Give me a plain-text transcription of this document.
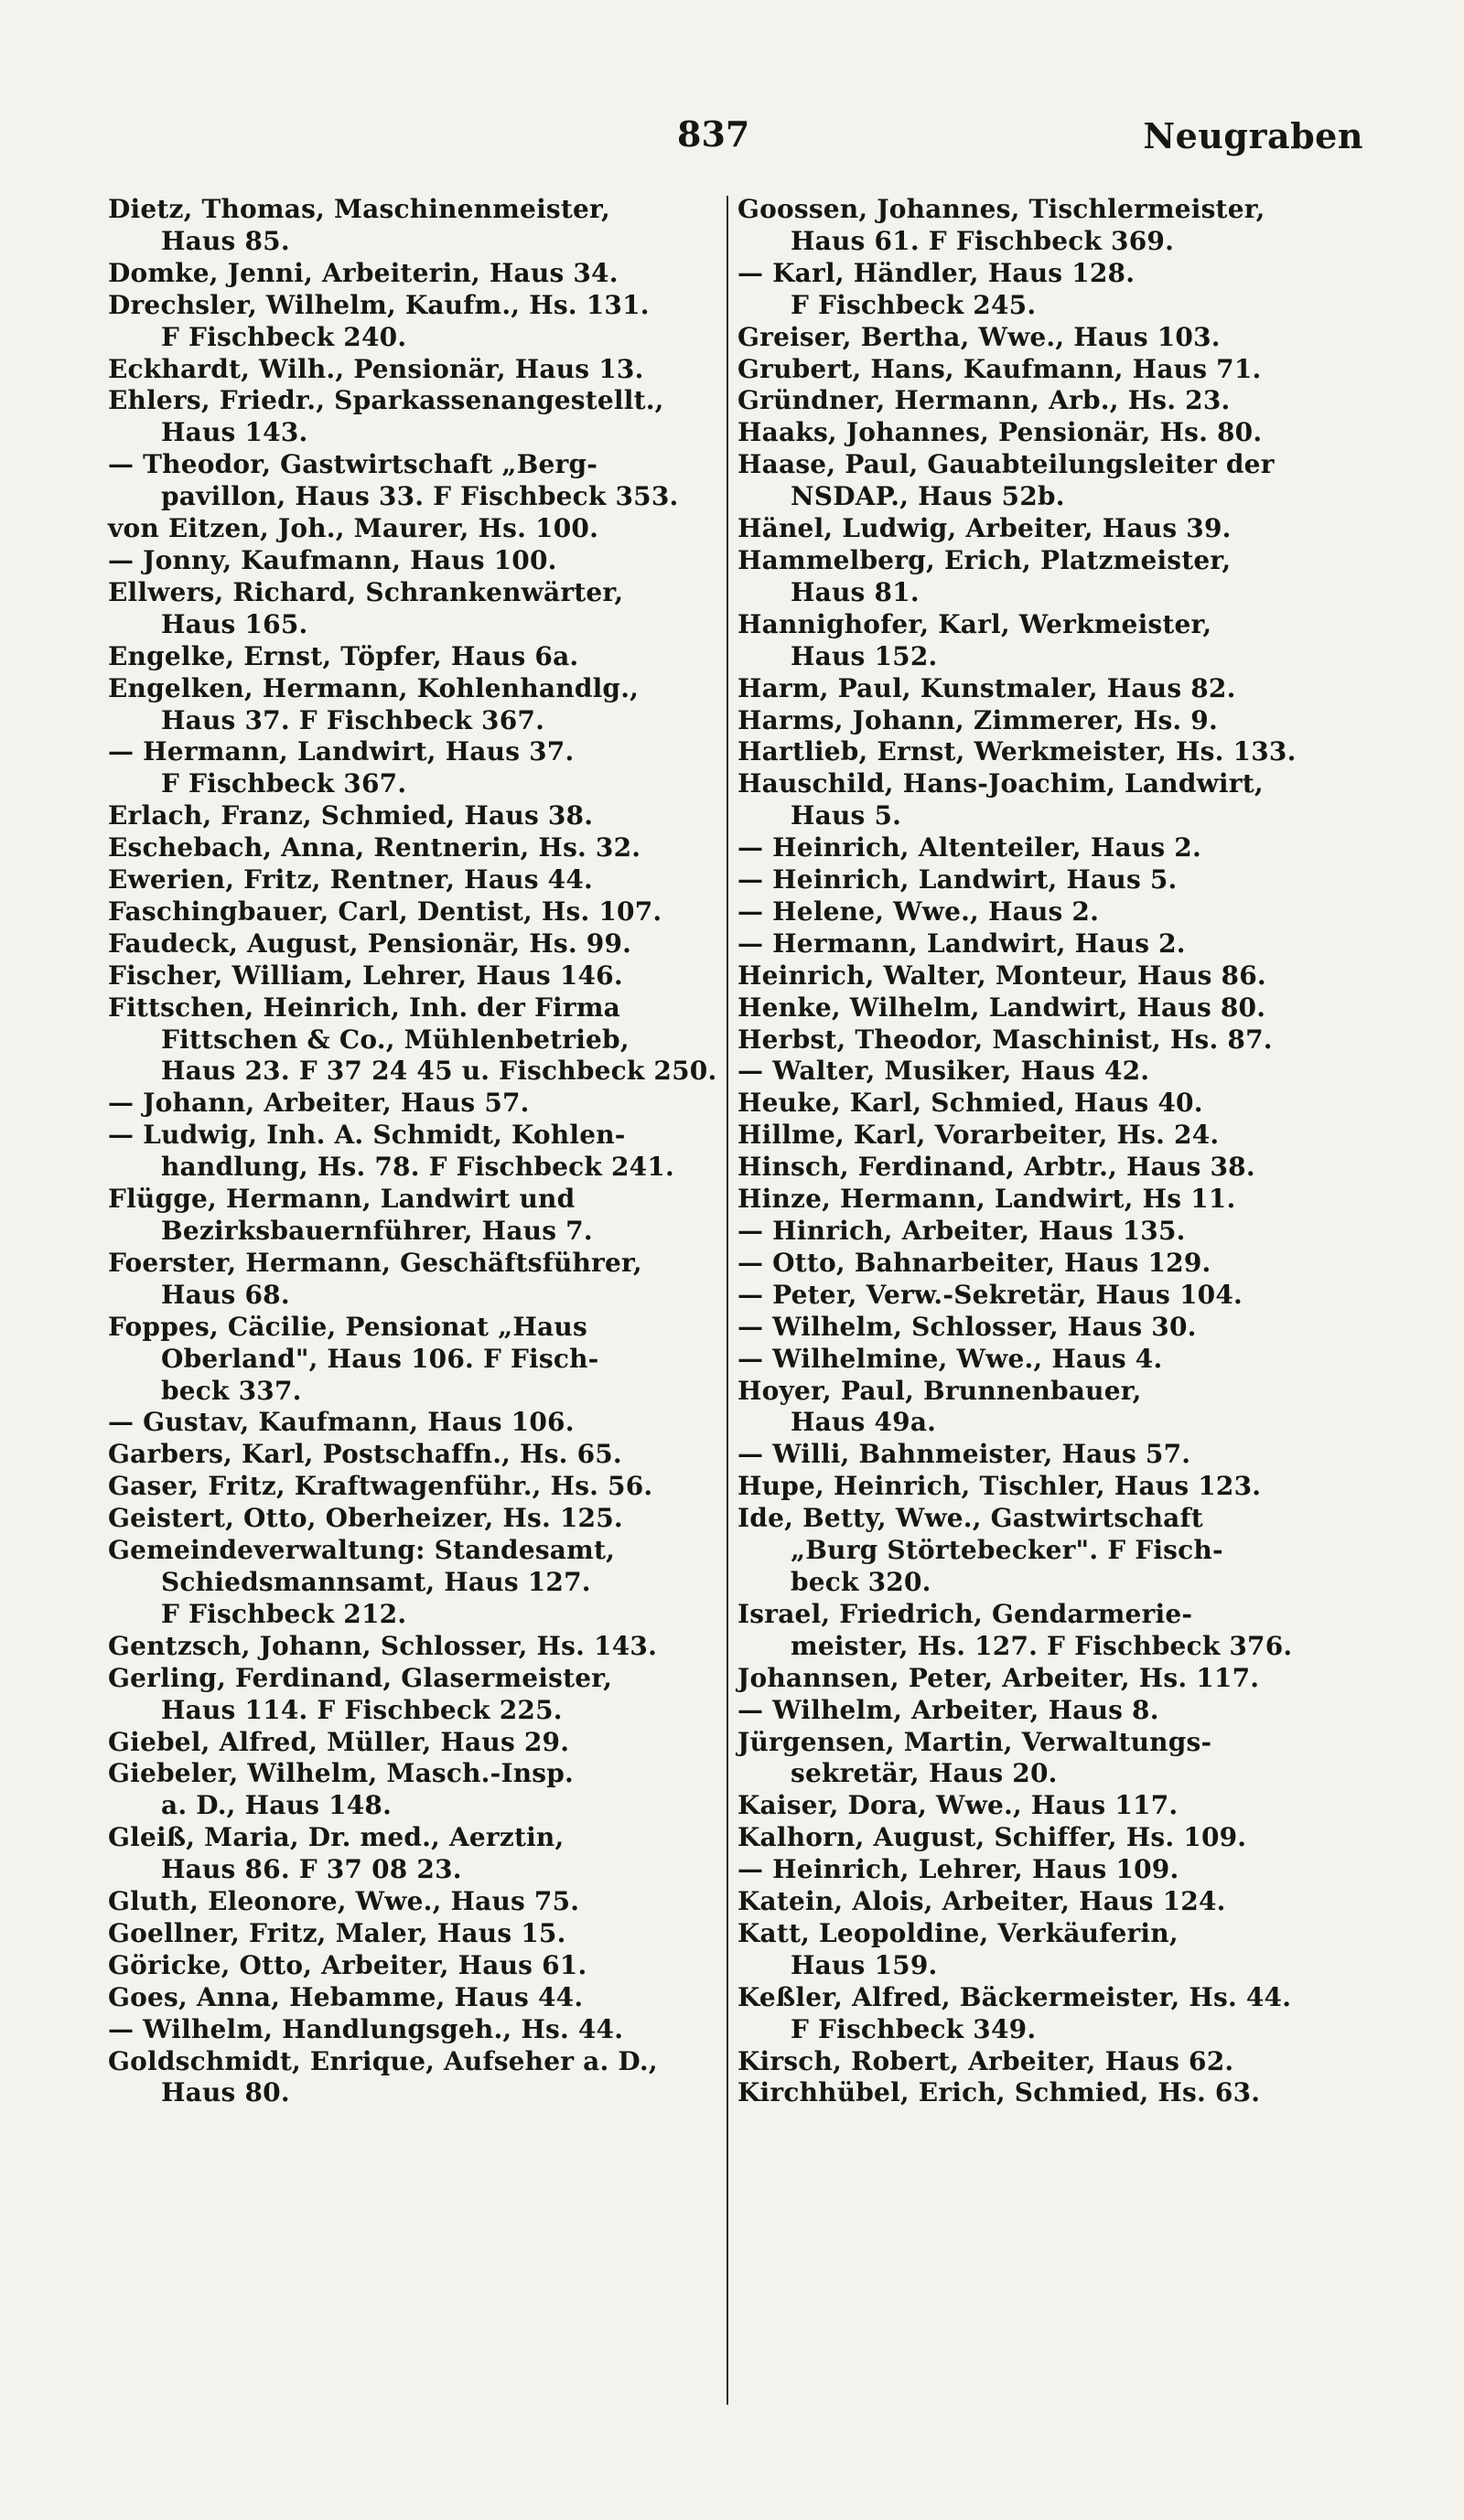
837	Neugraben
Dietz, Thomas, Maschinenmeister,
Haus 85.
Domke, Jenni, Arbeiterin, Haus 34.
Drechsler, Wilhelm, Kaufm., Hs. 131.
F Fischbeck 240.
Eckhardt, Wilh., Pensionär, Haus 13.
Ehlers, Friedr., Sparkassenangestellt.,
Haus 143.
— Theodor, Gastwirtschaft „Berg-
pavillon, Haus 33. F Fischbeck 353.
von Eitzen, Joh., Maurer, Hs. 100.
— Jonny, Kaufmann, Haus 100.
Ellwers, Richard, Schrankenwärter,
Haus 165.
Engelke, Ernst, Töpfer, Haus 6a.
Engelken, Hermann, Kohlenhandlg.,
Haus 37. F Fischbeck 367.
— Hermann, Landwirt, Haus 37.
F Fischbeck 367.
Erlach, Franz, Schmied, Haus 38.
Eschebach, Anna, Rentnerin, Hs. 32.
Ewerien, Fritz, Rentner, Haus 44.
Faschingbauer, Carl, Dentist, Hs. 107.
Faudeck, August, Pensionär, Hs. 99.
Fischer, William, Lehrer, Haus 146.
Fittschen, Heinrich, Inh. der Firma
Fittschen & Co., Mühlenbetrieb,
Haus 23. F 37 24 45 u. Fischbeck 250.
— Johann, Arbeiter, Haus 57.
— Ludwig, Inh. A. Schmidt, Kohlen-
handlung, Hs. 78. F Fischbeck 241.
Flügge, Hermann, Landwirt und
Bezirksbauernführer, Haus 7.
Foerster, Hermann, Geschäftsführer,
Haus 68.
Foppes, Cäcilie, Pensionat „Haus
Oberland", Haus 106. F Fisch-
beck 337.
— Gustav, Kaufmann, Haus 106.
Garbers, Karl, Postschaffn., Hs. 65.
Gaser, Fritz, Kraftwagenführ., Hs. 56.
Geistert, Otto, Oberheizer, Hs. 125.
Gemeindeverwaltung: Standesamt,
Schiedsmannsamt, Haus 127.
F Fischbeck 212.
Gentzsch, Johann, Schlosser, Hs. 143.
Gerling, Ferdinand, Glasermeister,
Haus 114. F Fischbeck 225.
Giebel, Alfred, Müller, Haus 29.
Giebeler, Wilhelm, Masch.-Insp.
a. D., Haus 148.
Gleiß, Maria, Dr. med., Aerztin,
Haus 86. F 37 08 23.
Gluth, Eleonore, Wwe., Haus 75.
Goellner, Fritz, Maler, Haus 15.
Göricke, Otto, Arbeiter, Haus 61.
Goes, Anna, Hebamme, Haus 44.
— Wilhelm, Handlungsgeh., Hs. 44.
Goldschmidt, Enrique, Aufseher a. D.,
Haus 80.
Goossen, Johannes, Tischlermeister,
Haus 61. F Fischbeck 369.
— Karl, Händler, Haus 128.
F Fischbeck 245.
Greiser, Bertha, Wwe., Haus 103.
Grubert, Hans, Kaufmann, Haus 71.
Gründner, Hermann, Arb., Hs. 23.
Haaks, Johannes, Pensionär, Hs. 80.
Haase, Paul, Gauabteilungsleiter der
NSDAP., Haus 52b.
Hänel, Ludwig, Arbeiter, Haus 39.
Hammelberg, Erich, Platzmeister,
Haus 81.
Hannighofer, Karl, Werkmeister,
Haus 152.
Harm, Paul, Kunstmaler, Haus 82.
Harms, Johann, Zimmerer, Hs. 9.
Hartlieb, Ernst, Werkmeister, Hs. 133.
Hauschild, Hans-Joachim, Landwirt,
Haus 5.
— Heinrich, Altenteiler, Haus 2.
— Heinrich, Landwirt, Haus 5.
— Helene, Wwe., Haus 2.
— Hermann, Landwirt, Haus 2.
Heinrich, Walter, Monteur, Haus 86.
Henke, Wilhelm, Landwirt, Haus 80.
Herbst, Theodor, Maschinist, Hs. 87.
— Walter, Musiker, Haus 42.
Heuke, Karl, Schmied, Haus 40.
Hillme, Karl, Vorarbeiter, Hs. 24.
Hinsch, Ferdinand, Arbtr., Haus 38.
Hinze, Hermann, Landwirt, Hs 11.
— Hinrich, Arbeiter, Haus 135.
— Otto, Bahnarbeiter, Haus 129.
— Peter, Verw.-Sekretär, Haus 104.
— Wilhelm, Schlosser, Haus 30.
— Wilhelmine, Wwe., Haus 4.
Hoyer, Paul, Brunnenbauer,
Haus 49a.
— Willi, Bahnmeister, Haus 57.
Hupe, Heinrich, Tischler, Haus 123.
Ide, Betty, Wwe., Gastwirtschaft
„Burg Störtebecker". F Fisch-
beck 320.
Israel, Friedrich, Gendarmerie-
meister, Hs. 127. F Fischbeck 376.
Johannsen, Peter, Arbeiter, Hs. 117.
— Wilhelm, Arbeiter, Haus 8.
Jürgensen, Martin, Verwaltungs-
sekretär, Haus 20.
Kaiser, Dora, Wwe., Haus 117.
Kalhorn, August, Schiffer, Hs. 109.
— Heinrich, Lehrer, Haus 109.
Katein, Alois, Arbeiter, Haus 124.
Katt, Leopoldine, Verkäuferin,
Haus 159.
Keßler, Alfred, Bäckermeister, Hs. 44.
F Fischbeck 349.
Kirsch, Robert, Arbeiter, Haus 62.
Kirchhübel, Erich, Schmied, Hs. 63.
